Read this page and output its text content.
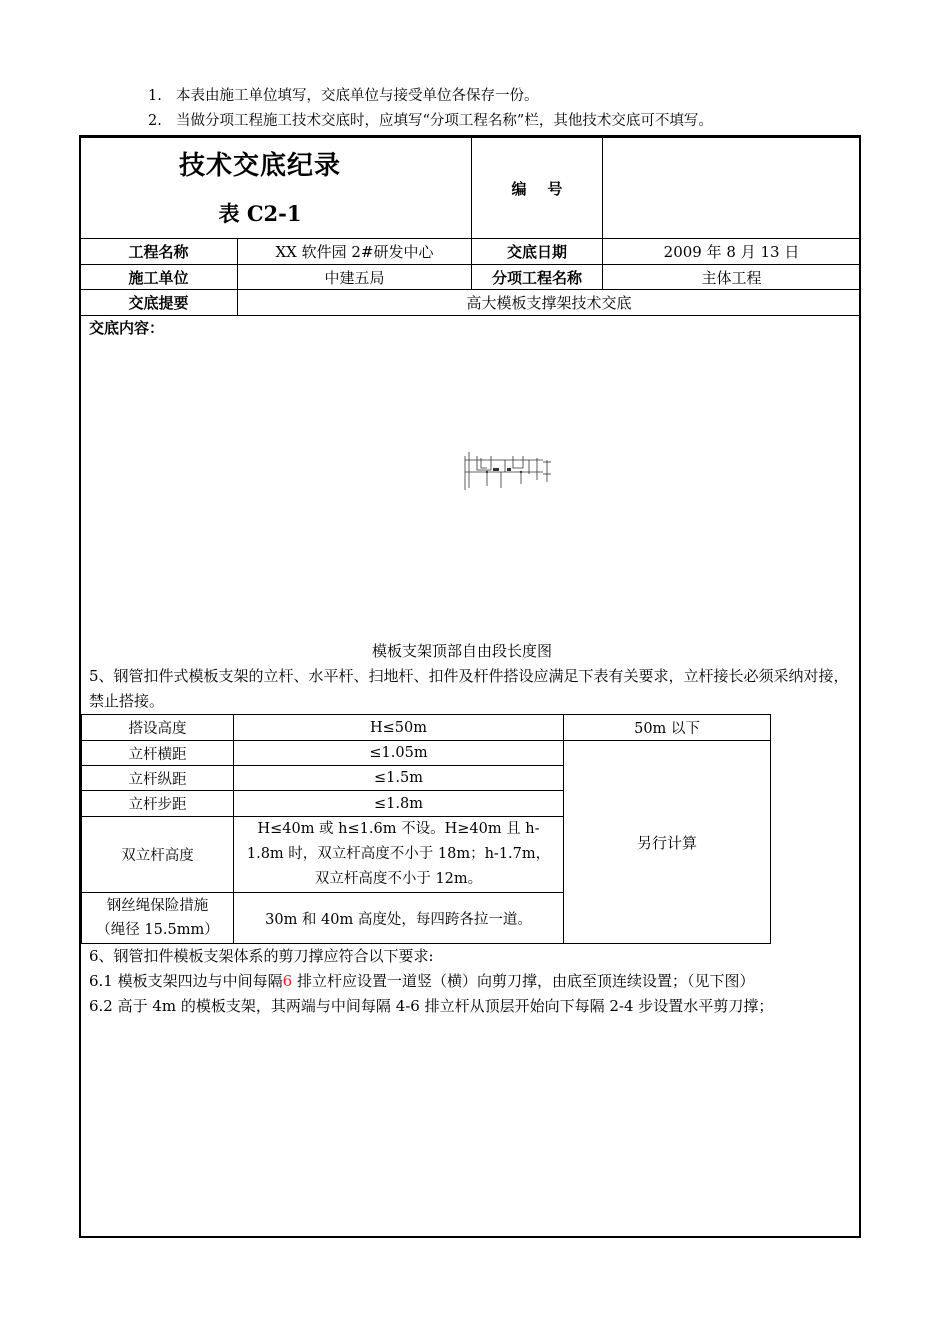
1. 本表由施工单位填写，交底单位与接受单位各保存一份。
2. 当做分项工程施工技术交底时，应填写“分项工程名称”栏，其他技术交底可不填写。
技术交底纪录
表 C2-1
编    号
工程名称	XX 软件园 2#研发中心	交底日期	2009 年 8 月 13 日
施工单位	中建五局	分项工程名称	主体工程
交底提要	高大模板支撑架技术交底
交底内容：
模板支架顶部自由段长度图
5、钢管扣件式模板支架的立杆、水平杆、扫地杆、扣件及杆件搭设应满足下表有关要求，立杆接长必须采纳对接，禁止搭接。
搭设高度	H≤50m	50m 以下
立杆横距	≤1.05m	另行计算
立杆纵距	≤1.5m	
立杆步距	≤1.8m	
双立杆高度	H≤40m 或 h≤1.6m 不设。H≥40m 且 h-1.8m 时，双立杆高度不小于 18m；h-1.7m，双立杆高度不小于 12m。	
钢丝绳保险措施（绳径 15.5mm）	30m 和 40m 高度处，每四跨各拉一道。	
6、钢管扣件模板支架体系的剪刀撑应符合以下要求:
6.1 模板支架四边与中间每隔6 排立杆应设置一道竖（横）向剪刀撑，由底至顶连续设置；（见下图）
6.2 高于 4m 的模板支架，其两端与中间每隔 4-6 排立杆从顶层开始向下每隔 2-4 步设置水平剪刀撑；
